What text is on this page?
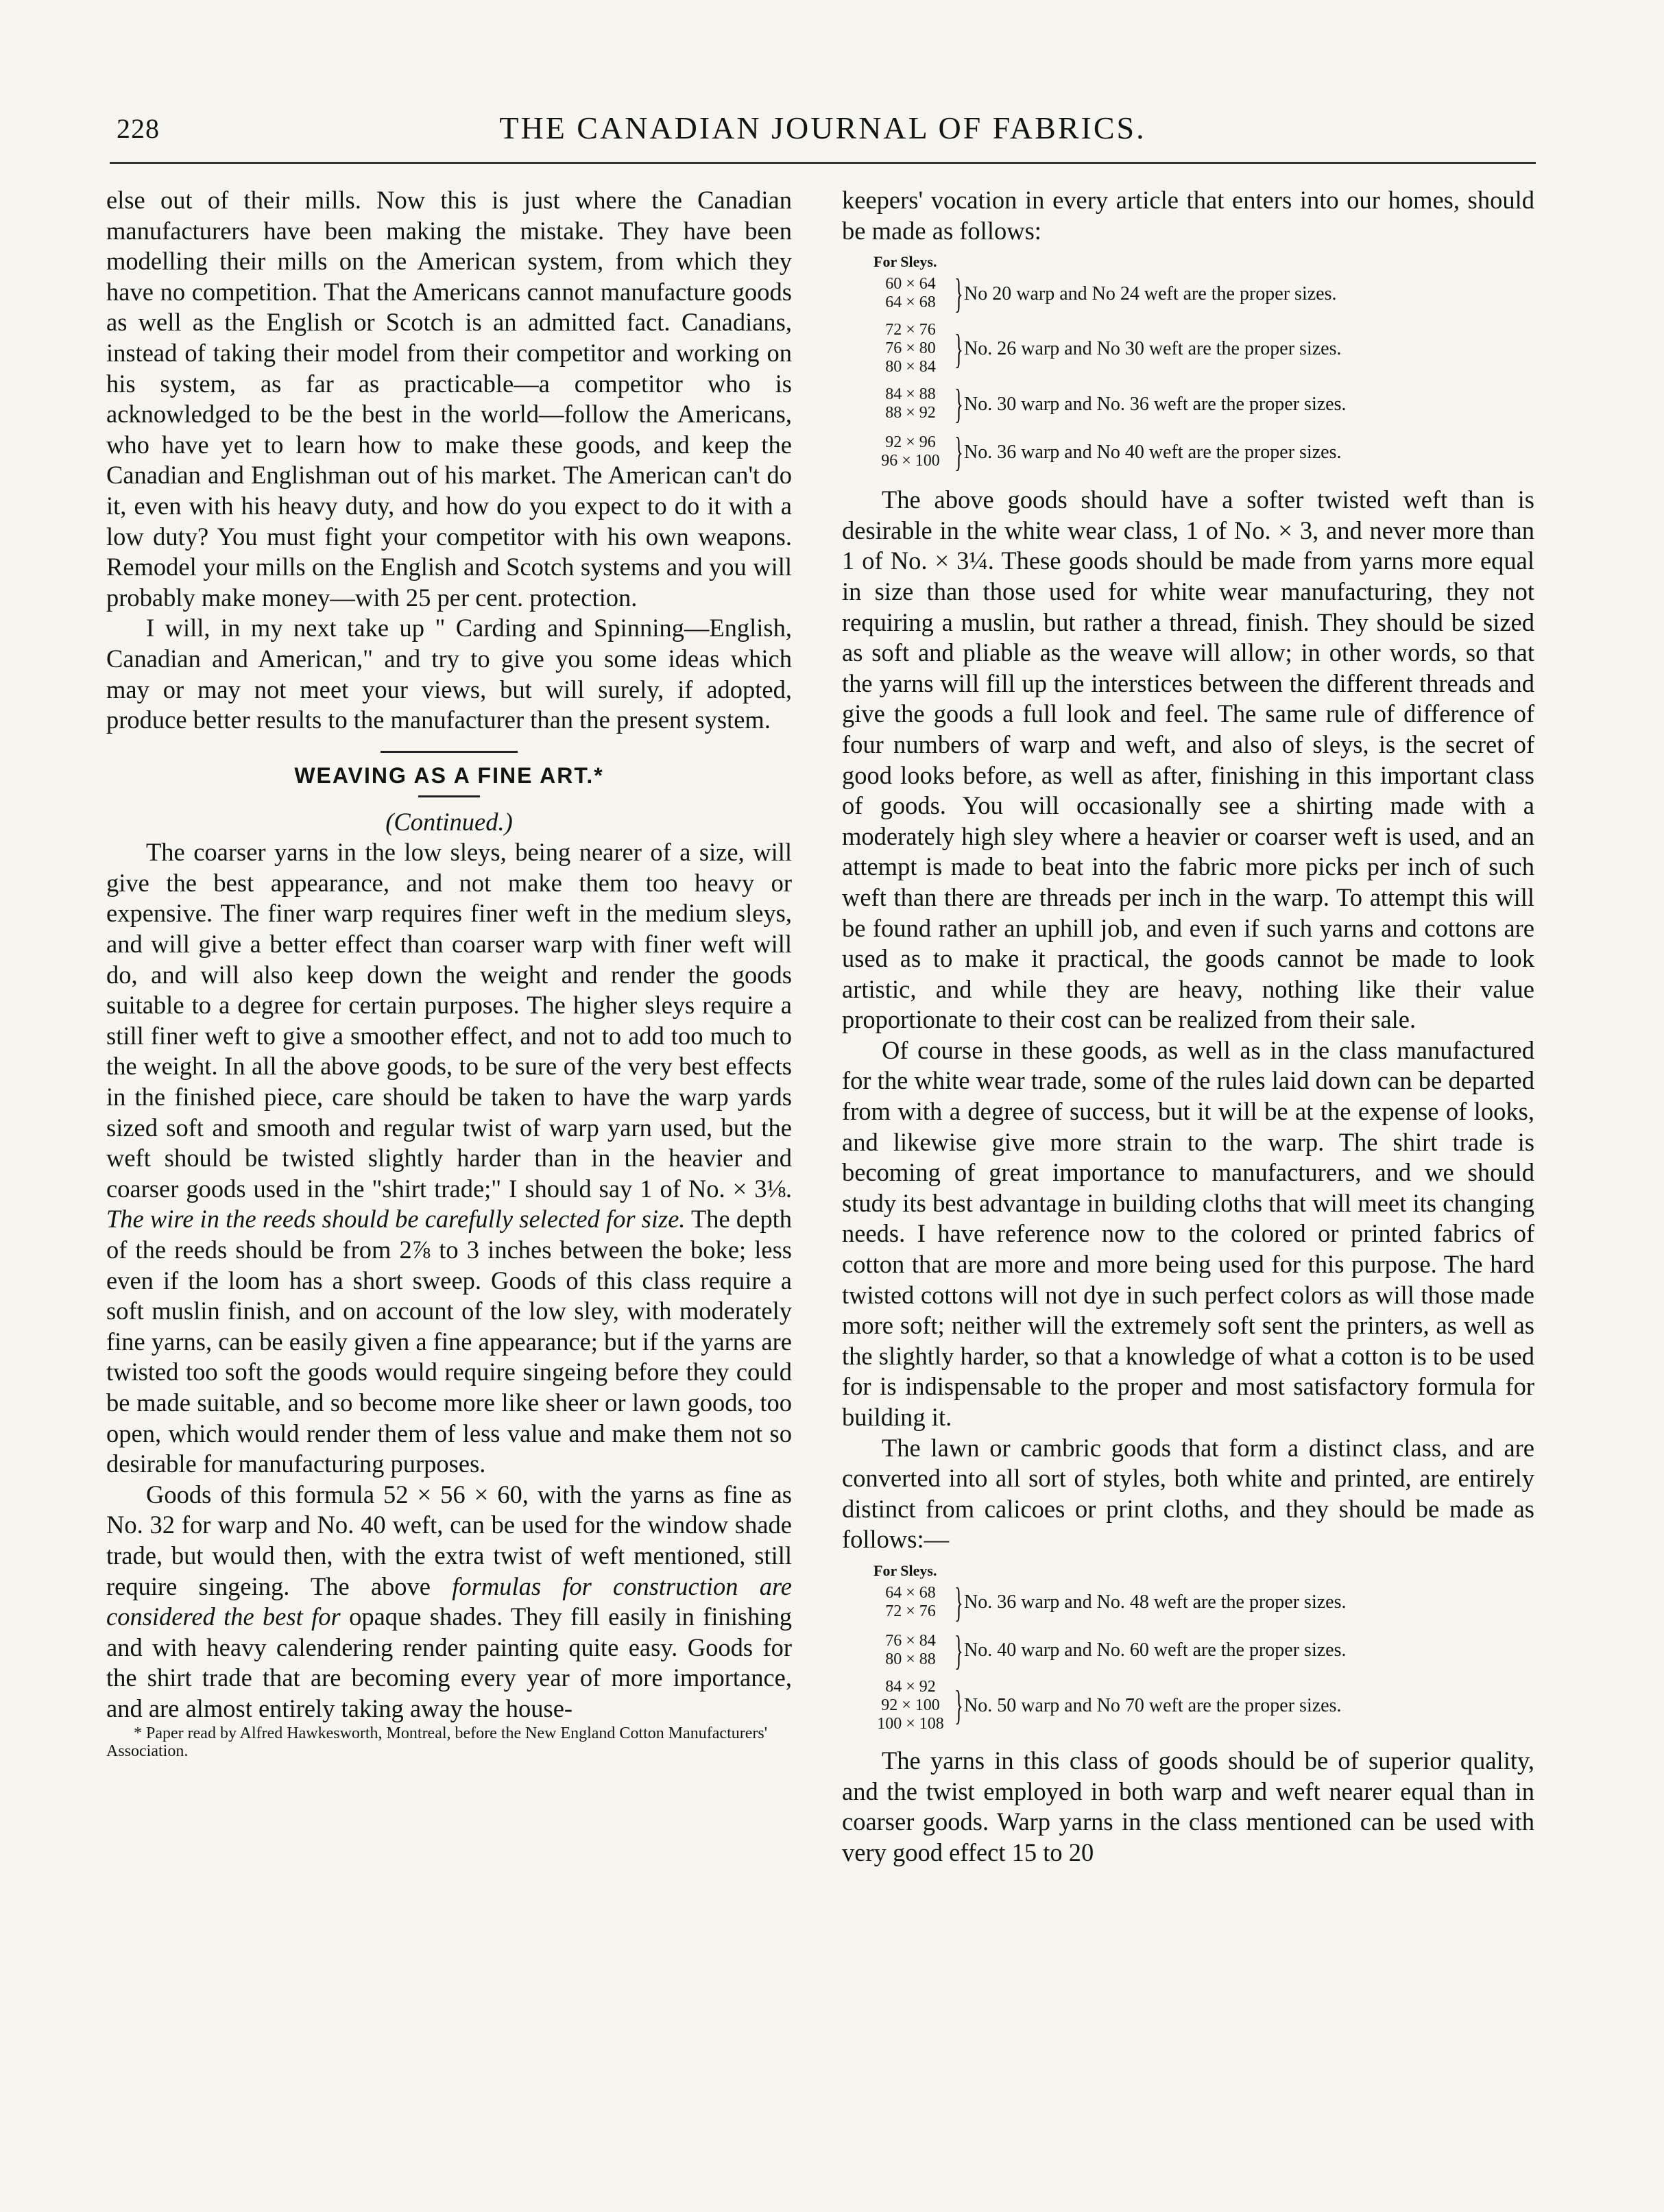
228	THE CANADIAN JOURNAL OF FABRICS.

else out of their mills. Now this is just where the Canadian manufacturers have been making the mistake. They have been modelling their mills on the American system, from which they have no competition. That the Americans cannot manufacture goods as well as the English or Scotch is an admitted fact. Canadians, instead of taking their model from their competitor and working on his system, as far as practicable—a competitor who is acknowledged to be the best in the world—follow the Americans, who have yet to learn how to make these goods, and keep the Canadian and Englishman out of his market. The American can't do it, even with his heavy duty, and how do you expect to do it with a low duty? You must fight your competitor with his own weapons. Remodel your mills on the English and Scotch systems and you will probably make money—with 25 per cent. protection.

I will, in my next take up " Carding and Spinning—English, Canadian and American," and try to give you some ideas which may or may not meet your views, but will surely, if adopted, produce better results to the manufacturer than the present system.

WEAVING AS A FINE ART.*

(Continued.)

The coarser yarns in the low sleys, being nearer of a size, will give the best appearance, and not make them too heavy or expensive. The finer warp requires finer weft in the medium sleys, and will give a better effect than coarser warp with finer weft will do, and will also keep down the weight and render the goods suitable to a degree for certain purposes. The higher sleys require a still finer weft to give a smoother effect, and not to add too much to the weight. In all the above goods, to be sure of the very best effects in the finished piece, care should be taken to have the warp yards sized soft and smooth and regular twist of warp yarn used, but the weft should be twisted slightly harder than in the heavier and coarser goods used in the "shirt trade;" I should say 1 of No. × 3⅛. The wire in the reeds should be carefully selected for size. The depth of the reeds should be from 2⅞ to 3 inches between the boke; less even if the loom has a short sweep. Goods of this class require a soft muslin finish, and on account of the low sley, with moderately fine yarns, can be easily given a fine appearance; but if the yarns are twisted too soft the goods would require singeing before they could be made suitable, and so become more like sheer or lawn goods, too open, which would render them of less value and make them not so desirable for manufacturing purposes.

Goods of this formula 52 × 56 × 60, with the yarns as fine as No. 32 for warp and No. 40 weft, can be used for the window shade trade, but would then, with the extra twist of weft mentioned, still require singeing. The above formulas for construction are considered the best for opaque shades. They fill easily in finishing and with heavy calendering render painting quite easy. Goods for the shirt trade that are becoming every year of more importance, and are almost entirely taking away the house-

* Paper read by Alfred Hawkesworth, Montreal, before the New England Cotton Manufacturers' Association.

keepers' vocation in every article that enters into our homes, should be made as follows:

For Sleys.
60 × 64
64 × 68 } No 20 warp and No 24 weft are the proper sizes.
72 × 76
76 × 80
80 × 84 } No. 26 warp and No 30 weft are the proper sizes.
84 × 88
88 × 92 } No. 30 warp and No. 36 weft are the proper sizes.
92 × 96
96 × 100 } No. 36 warp and No 40 weft are the proper sizes.

The above goods should have a softer twisted weft than is desirable in the white wear class, 1 of No. × 3, and never more than 1 of No. × 3¼. These goods should be made from yarns more equal in size than those used for white wear manufacturing, they not requiring a muslin, but rather a thread, finish. They should be sized as soft and pliable as the weave will allow; in other words, so that the yarns will fill up the interstices between the different threads and give the goods a full look and feel. The same rule of difference of four numbers of warp and weft, and also of sleys, is the secret of good looks before, as well as after, finishing in this important class of goods. You will occasionally see a shirting made with a moderately high sley where a heavier or coarser weft is used, and an attempt is made to beat into the fabric more picks per inch of such weft than there are threads per inch in the warp. To attempt this will be found rather an uphill job, and even if such yarns and cottons are used as to make it practical, the goods cannot be made to look artistic, and while they are heavy, nothing like their value proportionate to their cost can be realized from their sale.

Of course in these goods, as well as in the class manufactured for the white wear trade, some of the rules laid down can be departed from with a degree of success, but it will be at the expense of looks, and likewise give more strain to the warp. The shirt trade is becoming of great importance to manufacturers, and we should study its best advantage in building cloths that will meet its changing needs. I have reference now to the colored or printed fabrics of cotton that are more and more being used for this purpose. The hard twisted cottons will not dye in such perfect colors as will those made more soft; neither will the extremely soft sent the printers, as well as the slightly harder, so that a knowledge of what a cotton is to be used for is indispensable to the proper and most satisfactory formula for building it.

The lawn or cambric goods that form a distinct class, and are converted into all sort of styles, both white and printed, are entirely distinct from calicoes or print cloths, and they should be made as follows:—

For Sleys.
64 × 68
72 × 76 } No. 36 warp and No. 48 weft are the proper sizes.
76 × 84
80 × 88 } No. 40 warp and No. 60 weft are the proper sizes.
84 × 92
92 × 100
100 × 108 } No. 50 warp and No 70 weft are the proper sizes.

The yarns in this class of goods should be of superior quality, and the twist employed in both warp and weft nearer equal than in coarser goods. Warp yarns in the class mentioned can be used with very good effect 15 to 20
